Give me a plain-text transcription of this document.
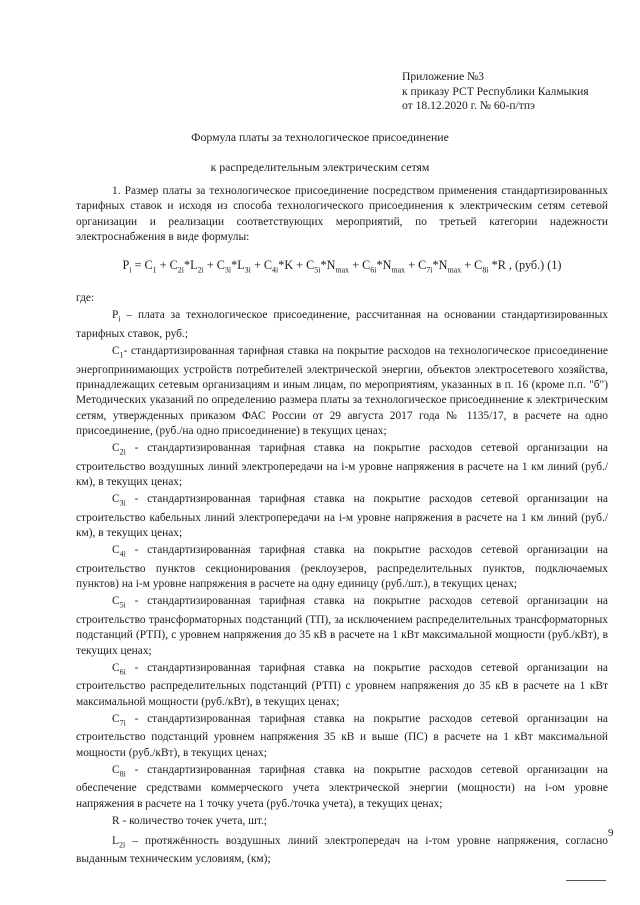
Приложение №3
к приказу РСТ Республики Калмыкия
от 18.12.2020 г. № 60-п/тпэ
Формула платы за технологическое присоединение
к распределительным электрическим сетям

1. Размер платы за технологическое присоединение посредством применения стандартизированных тарифных ставок и исходя из способа технологического присоединения к электрическим сетям сетевой организации и реализации соответствующих мероприятий, по третьей категории надежности электроснабжения в виде формулы:

$P_i = C_1 + C_{2i}*L_{2i} + C_{3i}*L_{3i} + C_{4i}*K + C_{5i}*N_{max} + C_{6i}*N_{max} + C_{7i}*N_{max} + C_{8i}$ *R , (руб.) (1)

где:

$P_i$ – плата за технологическое присоединение, рассчитанная на основании стандартизированных тарифных ставок, руб.;

$C_1-$ стандартизированная тарифная ставка на покрытие расходов на технологическое присоединение энергопринимающих устройств потребителей электрической энергии, объектов электросетевого хозяйства, принадлежащих сетевым организациям и иным лицам, по мероприятиям, указанных в п. 16 (кроме п.п. "б") Методических указаний по определению размера платы за технологическое присоединение к электрическим сетям, утвержденных приказом ФАС России от 29 августа 2017 года № 1135/17, в расчете на одно присоединение, (руб./на одно присоединение) в текущих ценах;

$C_{2i}$ - стандартизированная тарифная ставка на покрытие расходов сетевой организации на строительство воздушных линий электропередачи на i-м уровне напряжения в расчете на 1 км линий (руб./км), в текущих ценах;

$C_{3i}$ - стандартизированная тарифная ставка на покрытие расходов сетевой организации на строительство кабельных линий электропередачи на i-м уровне напряжения в расчете на 1 км линий (руб./км), в текущих ценах;

$C_{4i}$ - стандартизированная тарифная ставка на покрытие расходов сетевой организации на строительство пунктов секционирования (реклоузеров, распределительных пунктов, подключаемых пунктов) на i-м уровне напряжения в расчете на одну единицу (руб./шт.), в текущих ценах;

$C_{5i}$ - стандартизированная тарифная ставка на покрытие расходов сетевой организации на строительство трансформаторных подстанций (ТП), за исключением распределительных трансформаторных подстанций (РТП), с уровнем напряжения до 35 кВ в расчете на 1 кВт максимальной мощности (руб./кВт), в текущих ценах;

$C_{6i}$ - стандартизированная тарифная ставка на покрытие расходов сетевой организации на строительство распределительных подстанций (РТП) с уровнем напряжения до 35 кВ в расчете на 1 кВт максимальной мощности (руб./кВт), в текущих ценах;

$C_{7i}$ - стандартизированная тарифная ставка на покрытие расходов сетевой организации на строительство подстанций уровнем напряжения 35 кВ и выше (ПС) в расчете на 1 кВт максимальной мощности (руб./кВт), в текущих ценах;

$C_{8i}$ - стандартизированная тарифная ставка на покрытие расходов сетевой организации на обеспечение средствами коммерческого учета электрической энергии (мощности) на i-ом уровне напряжения в расчете на 1 точку учета (руб./точка учета), в текущих ценах;

R - количество точек учета, шт.;

$L_{2i}$ – протяжённость воздушных линий электропередач на i-том уровне напряжения, согласно выданным техническим условиям, (км);

9
